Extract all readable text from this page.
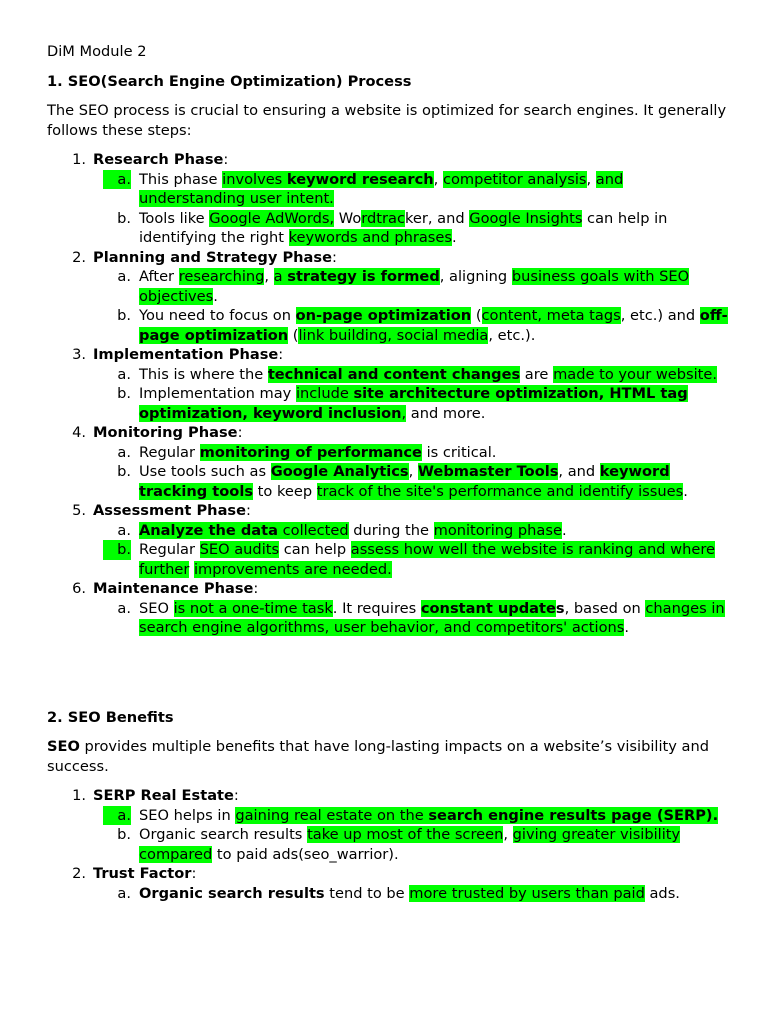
DiM Module 2

1. SEO(Search Engine Optimization) Process

The SEO process is crucial to ensuring a website is optimized for search engines. It generally follows these steps:

1. Research Phase:
a. This phase involves keyword research, competitor analysis, and understanding user intent.
b. Tools like Google AdWords, Wordtracker, and Google Insights can help in identifying the right keywords and phrases.
2. Planning and Strategy Phase:
a. After researching, a strategy is formed, aligning business goals with SEO objectives.
b. You need to focus on on-page optimization (content, meta tags, etc.) and off-page optimization (link building, social media, etc.).
3. Implementation Phase:
a. This is where the technical and content changes are made to your website.
b. Implementation may include site architecture optimization, HTML tag optimization, keyword inclusion, and more.
4. Monitoring Phase:
a. Regular monitoring of performance is critical.
b. Use tools such as Google Analytics, Webmaster Tools, and keyword tracking tools to keep track of the site's performance and identify issues.
5. Assessment Phase:
a. Analyze the data collected during the monitoring phase.
b. Regular SEO audits can help assess how well the website is ranking and where further improvements are needed.
6. Maintenance Phase:
a. SEO is not a one-time task. It requires constant updates, based on changes in search engine algorithms, user behavior, and competitors' actions.

2. SEO Benefits

SEO provides multiple benefits that have long-lasting impacts on a website’s visibility and success.

1. SERP Real Estate:
a. SEO helps in gaining real estate on the search engine results page (SERP).
b. Organic search results take up most of the screen, giving greater visibility compared to paid ads(seo_warrior).
2. Trust Factor:
a. Organic search results tend to be more trusted by users than paid ads.
